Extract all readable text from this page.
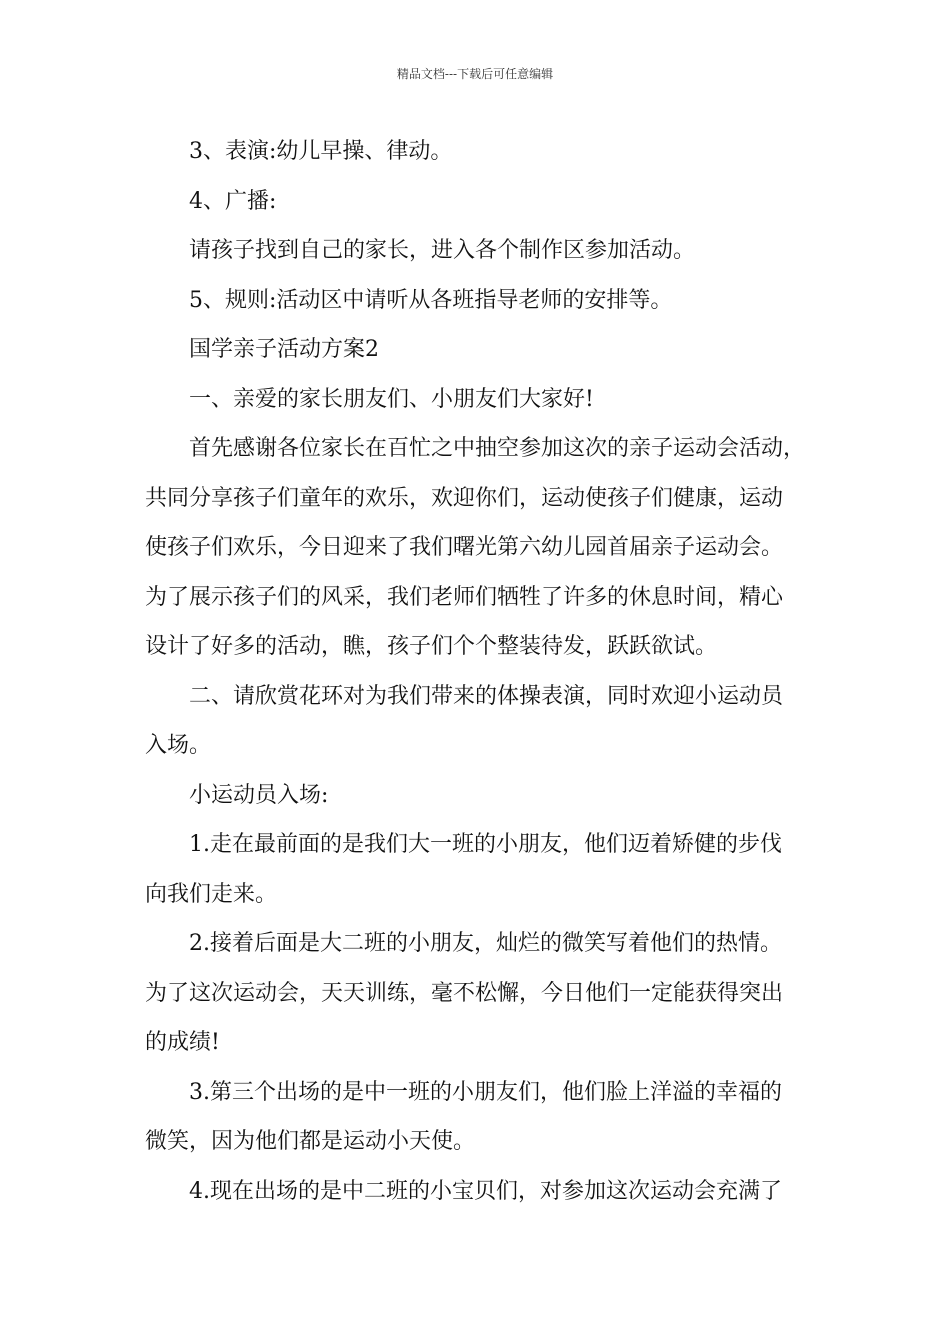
精品文档---下载后可任意编辑
3、表演:幼儿早操、律动。
4、广播:
请孩子找到自己的家长，进入各个制作区参加活动。
5、规则:活动区中请听从各班指导老师的安排等。
国学亲子活动方案2
一、亲爱的家长朋友们、小朋友们大家好!
首先感谢各位家长在百忙之中抽空参加这次的亲子运动会活动，
共同分享孩子们童年的欢乐，欢迎你们，运动使孩子们健康，运动
使孩子们欢乐，今日迎来了我们曙光第六幼儿园首届亲子运动会。
为了展示孩子们的风采，我们老师们牺牲了许多的休息时间，精心
设计了好多的活动，瞧，孩子们个个整装待发，跃跃欲试。
二、请欣赏花环对为我们带来的体操表演，同时欢迎小运动员
入场。
小运动员入场:
1.走在最前面的是我们大一班的小朋友，他们迈着矫健的步伐
向我们走来。
2.接着后面是大二班的小朋友，灿烂的微笑写着他们的热情。
为了这次运动会，天天训练，毫不松懈，今日他们一定能获得突出
的成绩!
3.第三个出场的是中一班的小朋友们，他们脸上洋溢的幸福的
微笑，因为他们都是运动小天使。
4.现在出场的是中二班的小宝贝们，对参加这次运动会充满了
